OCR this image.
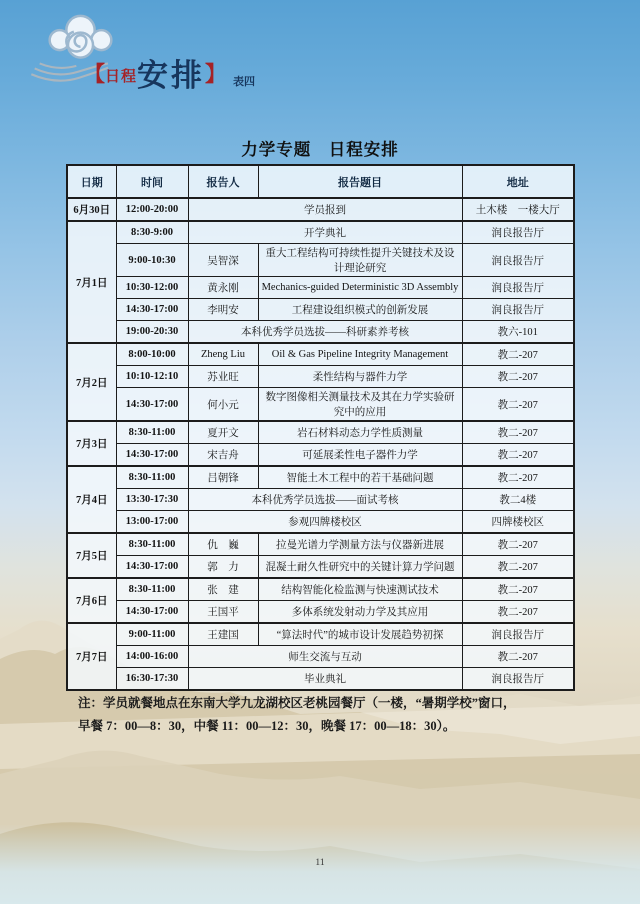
【 日程 安排 】 表四
力学专题　日程安排
日期	时间	报告人	报告题目	地址
6月30日	12:00-20:00	学员报到		土木楼　一楼大厅
7月1日	8:30-9:00	开学典礼		润良报告厅
	9:00-10:30	吴智深	重大工程结构可持续性提升关键技术及设计理论研究	润良报告厅
	10:30-12:00	黄永刚	Mechanics-guided Deterministic 3D Assembly	润良报告厅
	14:30-17:00	李明安	工程建设组织模式的创新发展	润良报告厅
	19:00-20:30	本科优秀学员选拔——科研素养考核		教六-101
7月2日	8:00-10:00	Zheng Liu	Oil & Gas Pipeline Integrity Management	教二-207
	10:10-12:10	苏业旺	柔性结构与器件力学	教二-207
	14:30-17:00	何小元	数字图像相关测量技术及其在力学实验研究中的应用	教二-207
7月3日	8:30-11:00	夏开文	岩石材料动态力学性质测量	教二-207
	14:30-17:00	宋吉舟	可延展柔性电子器件力学	教二-207
7月4日	8:30-11:00	吕朝锋	智能土木工程中的若干基础问题	教二-207
	13:30-17:30	本科优秀学员选拔——面试考核		教二4楼
	13:00-17:00	参观四牌楼校区		四牌楼校区
7月5日	8:30-11:00	仇　巍	拉曼光谱力学测量方法与仪器新进展	教二-207
	14:30-17:00	郭　力	混凝土耐久性研究中的关键计算力学问题	教二-207
7月6日	8:30-11:00	张　建	结构智能化检监测与快速测试技术	教二-207
	14:30-17:00	王国平	多体系统发射动力学及其应用	教二-207
7月7日	9:00-11:00	王建国	“算法时代”的城市设计发展趋势初探	润良报告厅
	14:00-16:00	师生交流与互动		教二-207
	16:30-17:30	毕业典礼		润良报告厅

注：学员就餐地点在东南大学九龙湖校区老桃园餐厅（一楼，“暑期学校”窗口，
早餐 7：00—8：30，中餐 11：00—12：30，晚餐 17：00—18：30）。

11
